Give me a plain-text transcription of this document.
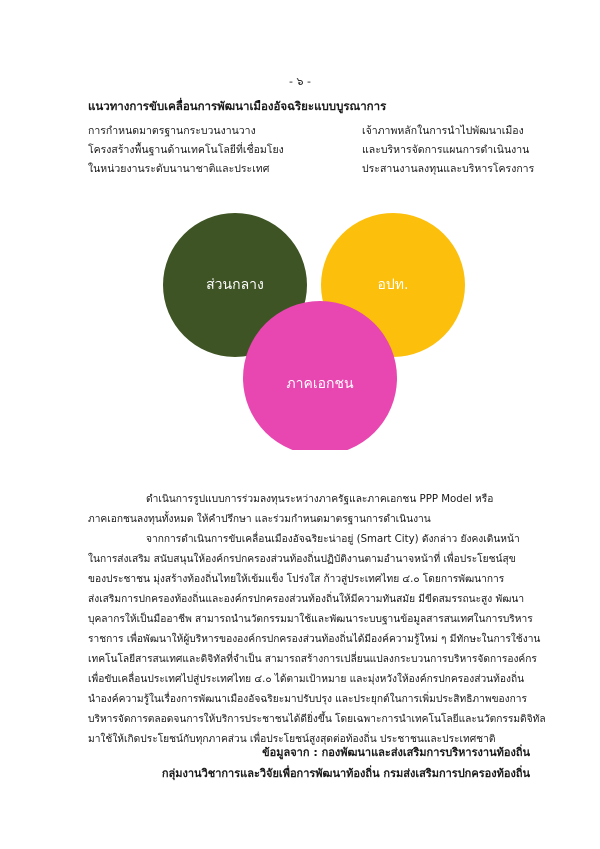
- ๖ -
แนวทางการขับเคลื่อนการพัฒนาเมืองอัจฉริยะแบบบูรณาการ
การกำหนดมาตรฐานกระบวนงานวาง
โครงสร้างพื้นฐานด้านเทคโนโลยีที่เชื่อมโยง
ในหน่วยงานระดับนานาชาติและประเทศ
เจ้าภาพหลักในการนำไปพัฒนาเมือง
และบริหารจัดการแผนการดำเนินงาน
ประสานงานลงทุนและบริหารโครงการ
ส่วนกลาง	อปท.
ภาคเอกชน
ดำเนินการรูปแบบการร่วมลงทุนระหว่างภาครัฐและภาคเอกชน PPP Model หรือ
ภาคเอกชนลงทุนทั้งหมด ให้คำปรึกษา และร่วมกำหนดมาตรฐานการดำเนินงาน
จากการดำเนินการขับเคลื่อนเมืองอัจฉริยะน่าอยู่ (Smart City) ดังกล่าว ยังคงเดินหน้า
ในการส่งเสริม สนับสนุนให้องค์กรปกครองส่วนท้องถิ่นปฏิบัติงานตามอำนาจหน้าที่ เพื่อประโยชน์สุข
ของประชาชน มุ่งสร้างท้องถิ่นไทยให้เข้มแข็ง โปร่งใส ก้าวสู่ประเทศไทย ๔.๐ โดยการพัฒนาการ
ส่งเสริมการปกครองท้องถิ่นและองค์กรปกครองส่วนท้องถิ่นให้มีความทันสมัย มีขีดสมรรถนะสูง พัฒนา
บุคลากรให้เป็นมืออาชีพ สามารถนำนวัตกรรมมาใช้และพัฒนาระบบฐานข้อมูลสารสนเทศในการบริหาร
ราชการ เพื่อพัฒนาให้ผู้บริหารขององค์กรปกครองส่วนท้องถิ่นได้มีองค์ความรู้ใหม่ ๆ มีทักษะในการใช้งาน
เทคโนโลยีสารสนเทศและดิจิทัลที่จำเป็น สามารถสร้างการเปลี่ยนแปลงกระบวนการบริหารจัดการองค์กร
เพื่อขับเคลื่อนประเทศไปสู่ประเทศไทย ๔.๐ ได้ตามเป้าหมาย และมุ่งหวังให้องค์กรปกครองส่วนท้องถิ่น
นำองค์ความรู้ในเรื่องการพัฒนาเมืองอัจฉริยะมาปรับปรุง และประยุกต์ในการเพิ่มประสิทธิภาพของการ
บริหารจัดการตลอดจนการให้บริการประชาชนได้ดียิ่งขึ้น โดยเฉพาะการนำเทคโนโลยีและนวัตกรรมดิจิทัล
มาใช้ให้เกิดประโยชน์กับทุกภาคส่วน เพื่อประโยชน์สูงสุดต่อท้องถิ่น ประชาชนและประเทศชาติ
ข้อมูลจาก : กองพัฒนาและส่งเสริมการบริหารงานท้องถิ่น
กลุ่มงานวิชาการและวิจัยเพื่อการพัฒนาท้องถิ่น กรมส่งเสริมการปกครองท้องถิ่น
